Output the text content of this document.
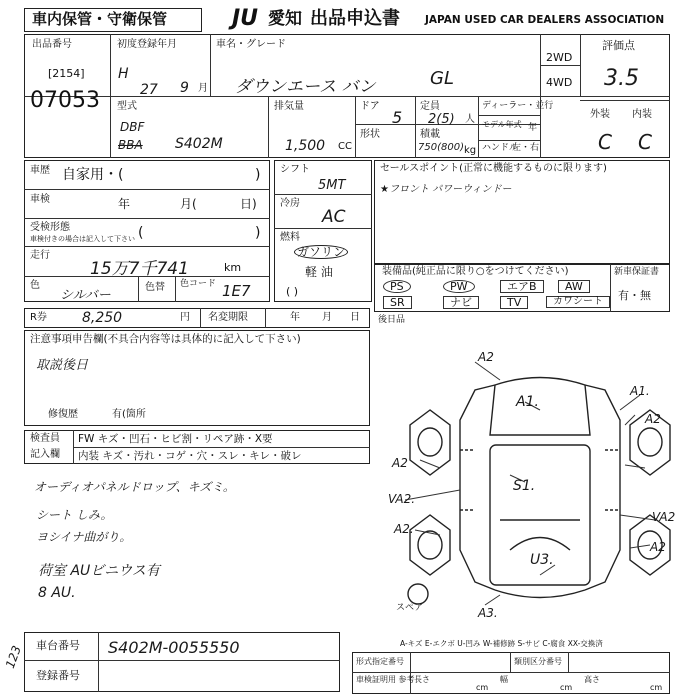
車内保管・守衛保管	JU 愛知 出品申込書 JAPAN USED CAR DEALERS ASSOCIATION
出品番号
[2154]
07053
初度登録年月
H
27 9 月
車名・グレード
ダウンエース バン	GL
2WD
4WD
評価点
3.5
外装 内装
C C
型式
DBF
BBA S402M
排気量
1,500 CC
ドア
5
形状
定員
2(5) 人
積載
750(800) kg
ディーラー・並行
モデル年式 年
ハンドル
左・右
車歴 自家用・(	)
車検	年	月(	日)
受検形態
車検付きの場合は記入して下さい (	)
走行
15万7千741	km
色
シルバー
色替 色コード 1E7
シフト
5MT
冷房
AC
燃料
ガソリン
軽 油
( )
セールスポイント(正常に機能するものに限ります)
★フロント パワーウィンドー
装備品(純正品に限り○をつけてください)	新車保証書
有・無
PS	PW	エアB	AW
SR	ナビ	TV	カワシート
R券	8,250	円 名変期限	年 月 日 後日品
注意事項申告欄(不具合内容等は具体的に記入して下さい)
取説後日
修復歴	有(箇所
検査員
記入欄
FW キズ・凹石・ヒビ割・リペア跡・X要
内装 キズ・汚れ・コゲ・穴・スレ・キレ・破レ
オーディオパネルドロップ、キズミ。
シート しみ。
ヨシイナ曲がり。
荷室 AUビニウス有
8 AU.
A2
A1.
A1.
A2
A2
VA2.
VA2
A2.
A2
S1.
U3.
A3.
スペア
A-キズ E-エクボ U-凹み W-補修跡 S-サビ C-腐食 XX-交換済
車台番号 S402M-0055550
登録番号
形式指定番号	類別区分番号
車検証明用 参考 長さ	幅	高さ
cm	cm	cm
123
